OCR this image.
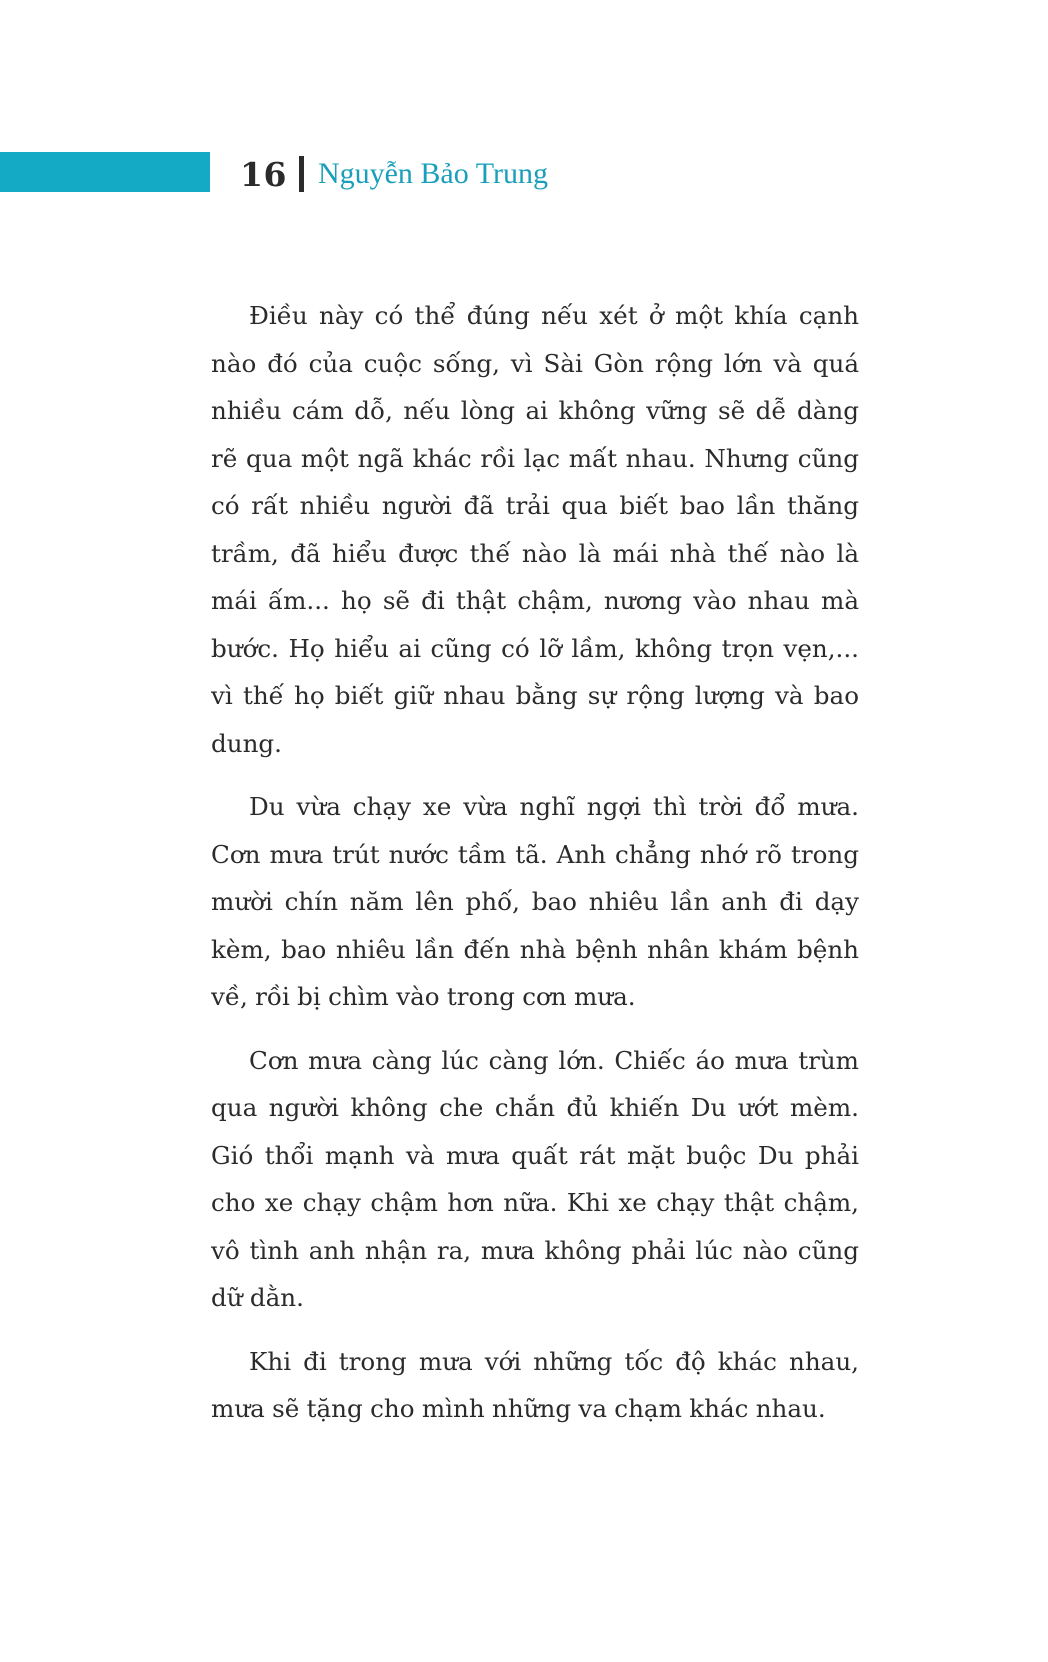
16 Nguyễn Bảo Trung

Điều này có thể đúng nếu xét ở một khía cạnh nào đó của cuộc sống, vì Sài Gòn rộng lớn và quá nhiều cám dỗ, nếu lòng ai không vững sẽ dễ dàng rẽ qua một ngã khác rồi lạc mất nhau. Nhưng cũng có rất nhiều người đã trải qua biết bao lần thăng trầm, đã hiểu được thế nào là mái nhà thế nào là mái ấm... họ sẽ đi thật chậm, nương vào nhau mà bước. Họ hiểu ai cũng có lỡ lầm, không trọn vẹn,... vì thế họ biết giữ nhau bằng sự rộng lượng và bao dung.

Du vừa chạy xe vừa nghĩ ngợi thì trời đổ mưa. Cơn mưa trút nước tầm tã. Anh chẳng nhớ rõ trong mười chín năm lên phố, bao nhiêu lần anh đi dạy kèm, bao nhiêu lần đến nhà bệnh nhân khám bệnh về, rồi bị chìm vào trong cơn mưa.

Cơn mưa càng lúc càng lớn. Chiếc áo mưa trùm qua người không che chắn đủ khiến Du ướt mèm. Gió thổi mạnh và mưa quất rát mặt buộc Du phải cho xe chạy chậm hơn nữa. Khi xe chạy thật chậm, vô tình anh nhận ra, mưa không phải lúc nào cũng dữ dằn.

Khi đi trong mưa với những tốc độ khác nhau, mưa sẽ tặng cho mình những va chạm khác nhau.
